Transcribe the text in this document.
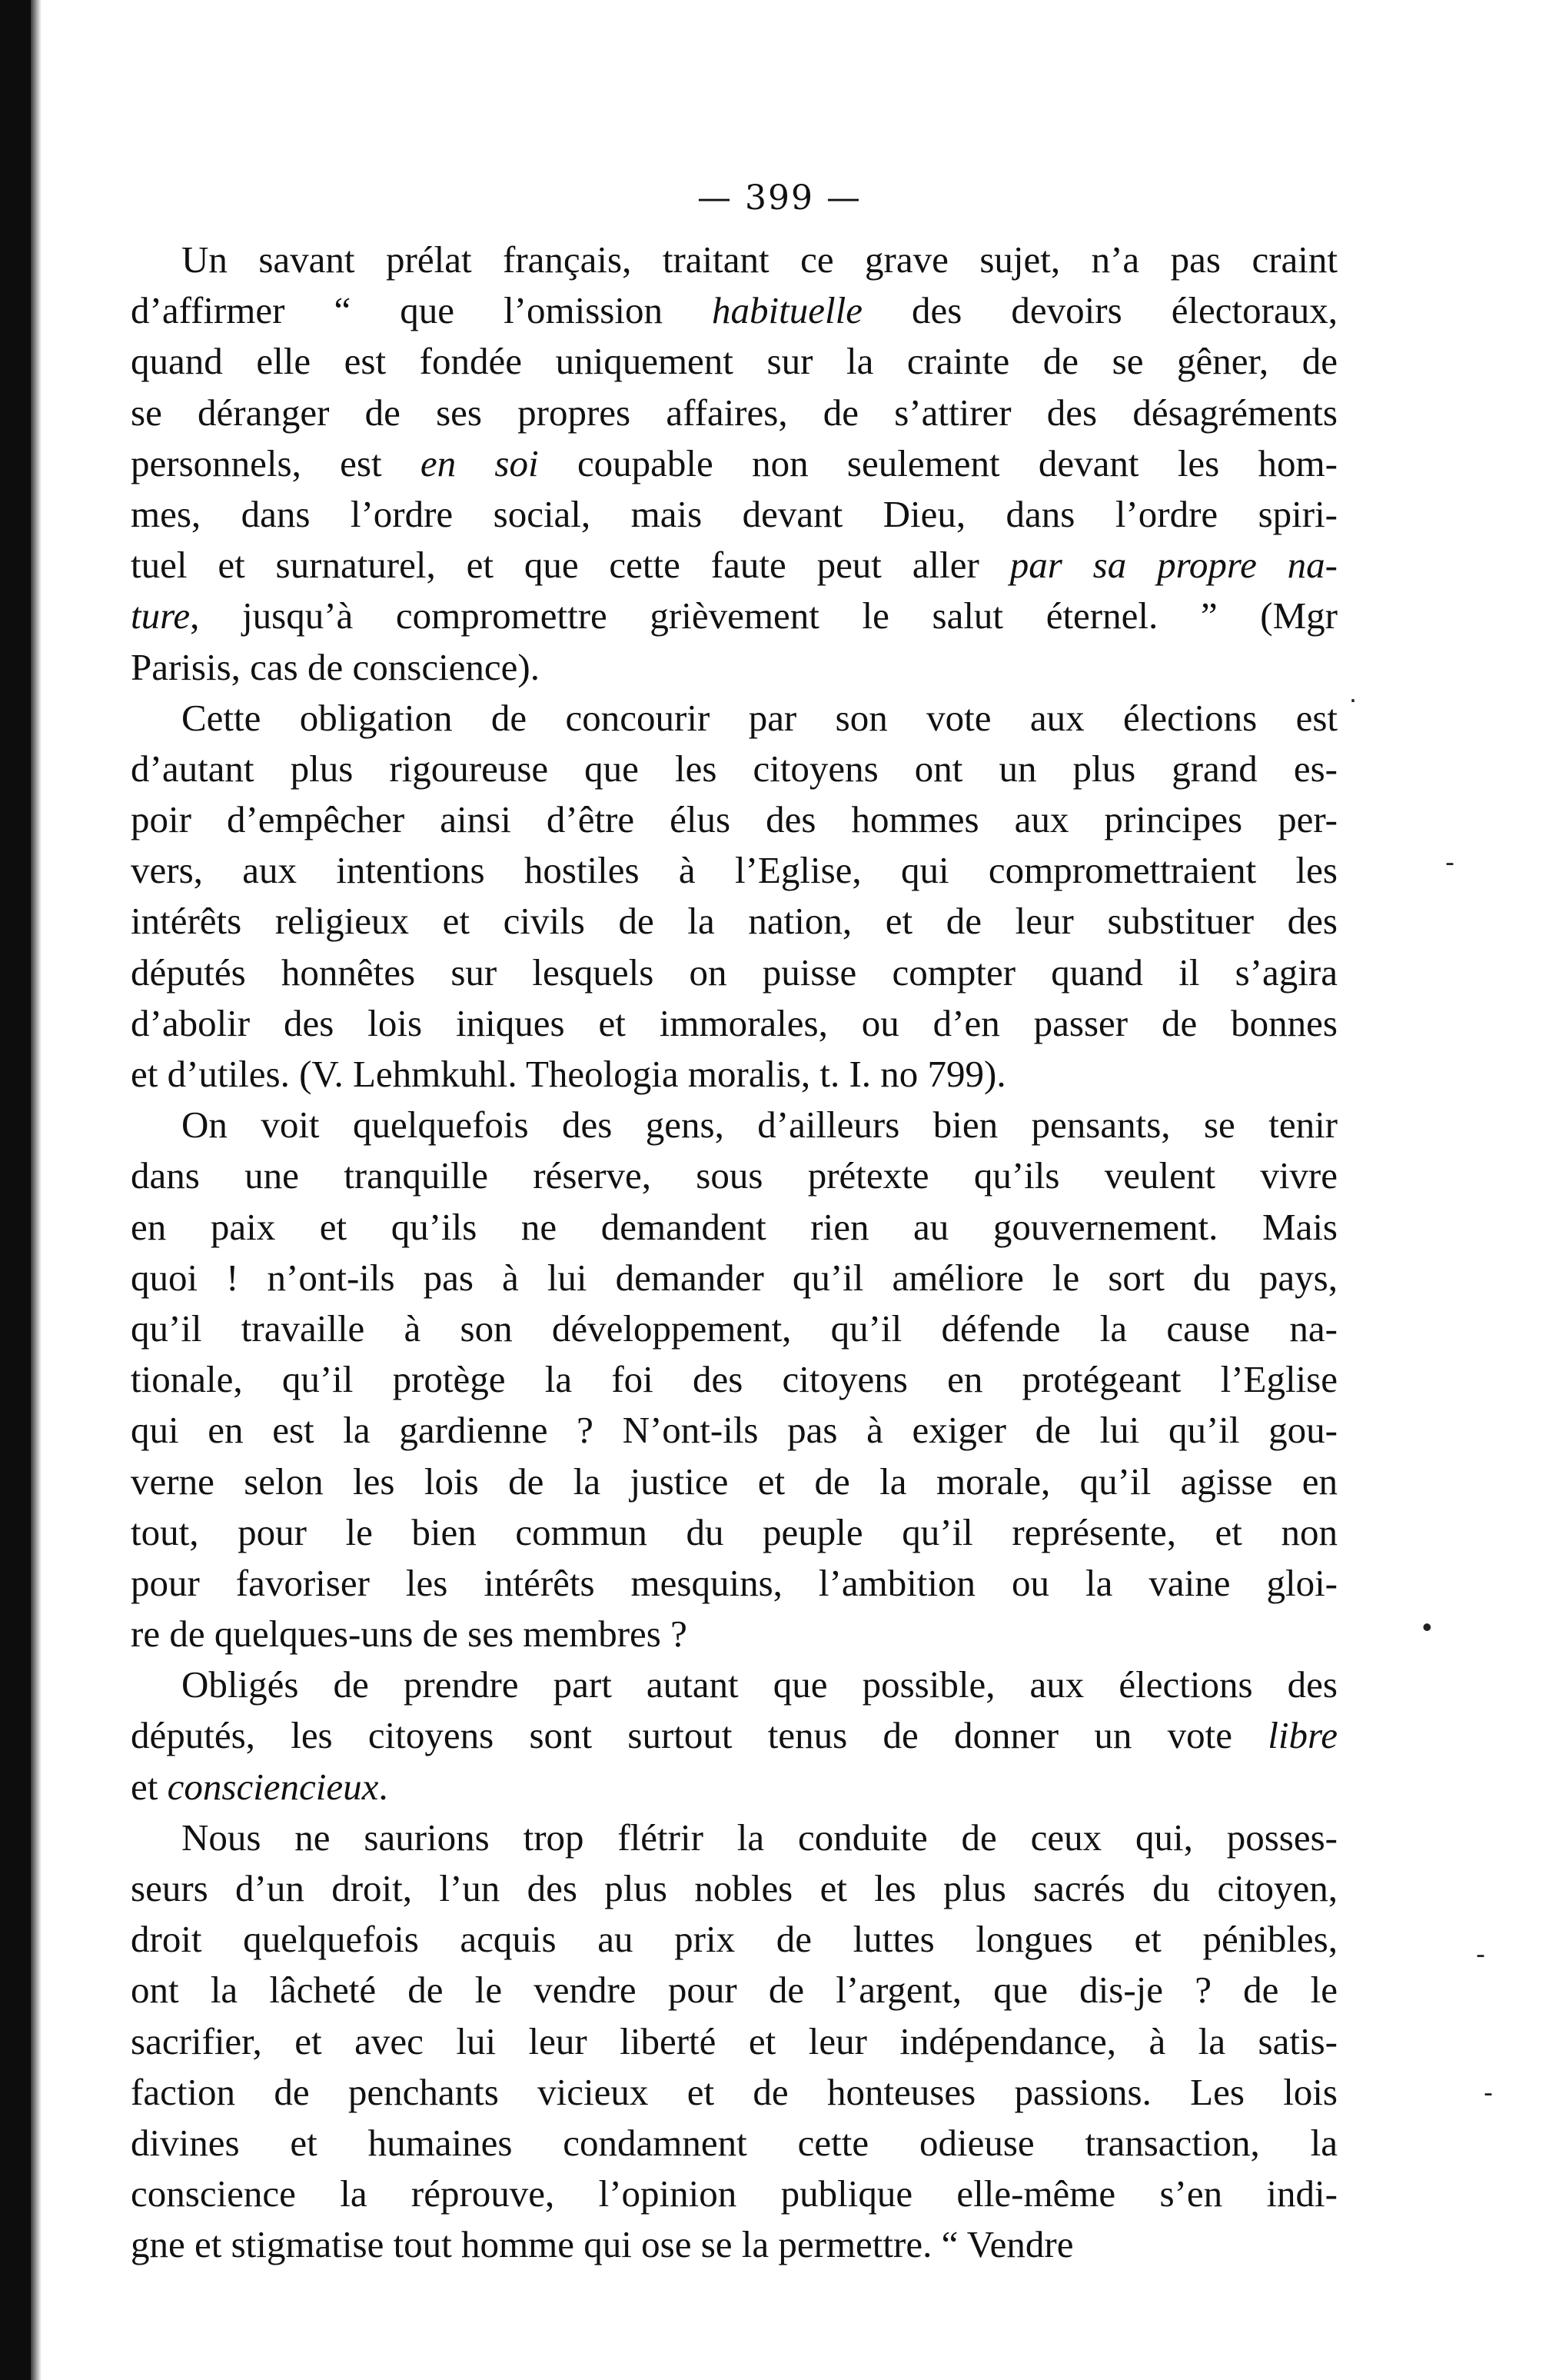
— 399 —
Un savant prélat français, traitant ce grave sujet, n’a pas craint
d’affirmer “ que l’omission habituelle des devoirs électoraux,
quand elle est fondée uniquement sur la crainte de se gêner, de
se déranger de ses propres affaires, de s’attirer des désagréments
personnels, est en soi coupable non seulement devant les hom-
mes, dans l’ordre social, mais devant Dieu, dans l’ordre spiri-
tuel et surnaturel, et que cette faute peut aller par sa propre na-
ture, jusqu’à compromettre grièvement le salut éternel. ” (Mgr
Parisis, cas de conscience).
Cette obligation de concourir par son vote aux élections est
d’autant plus rigoureuse que les citoyens ont un plus grand es-
poir d’empêcher ainsi d’être élus des hommes aux principes per-
vers, aux intentions hostiles à l’Eglise, qui compromettraient les
intérêts religieux et civils de la nation, et de leur substituer des
députés honnêtes sur lesquels on puisse compter quand il s’agira
d’abolir des lois iniques et immorales, ou d’en passer de bonnes
et d’utiles. (V. Lehmkuhl. Theologia moralis, t. I. no 799).
On voit quelquefois des gens, d’ailleurs bien pensants, se tenir
dans une tranquille réserve, sous prétexte qu’ils veulent vivre
en paix et qu’ils ne demandent rien au gouvernement. Mais
quoi ! n’ont-ils pas à lui demander qu’il améliore le sort du pays,
qu’il travaille à son développement, qu’il défende la cause na-
tionale, qu’il protège la foi des citoyens en protégeant l’Eglise
qui en est la gardienne ? N’ont-ils pas à exiger de lui qu’il gou-
verne selon les lois de la justice et de la morale, qu’il agisse en
tout, pour le bien commun du peuple qu’il représente, et non
pour favoriser les intérêts mesquins, l’ambition ou la vaine gloi-
re de quelques-uns de ses membres ?
Obligés de prendre part autant que possible, aux élections des
députés, les citoyens sont surtout tenus de donner un vote libre
et consciencieux.
Nous ne saurions trop flétrir la conduite de ceux qui, posses-
seurs d’un droit, l’un des plus nobles et les plus sacrés du citoyen,
droit quelquefois acquis au prix de luttes longues et pénibles,
ont la lâcheté de le vendre pour de l’argent, que dis-je ? de le
sacrifier, et avec lui leur liberté et leur indépendance, à la satis-
faction de penchants vicieux et de honteuses passions. Les lois
divines et humaines condamnent cette odieuse transaction, la
conscience la réprouve, l’opinion publique elle-même s’en indi-
gne et stigmatise tout homme qui ose se la permettre. “ Vendre
.
-
•
-
-
